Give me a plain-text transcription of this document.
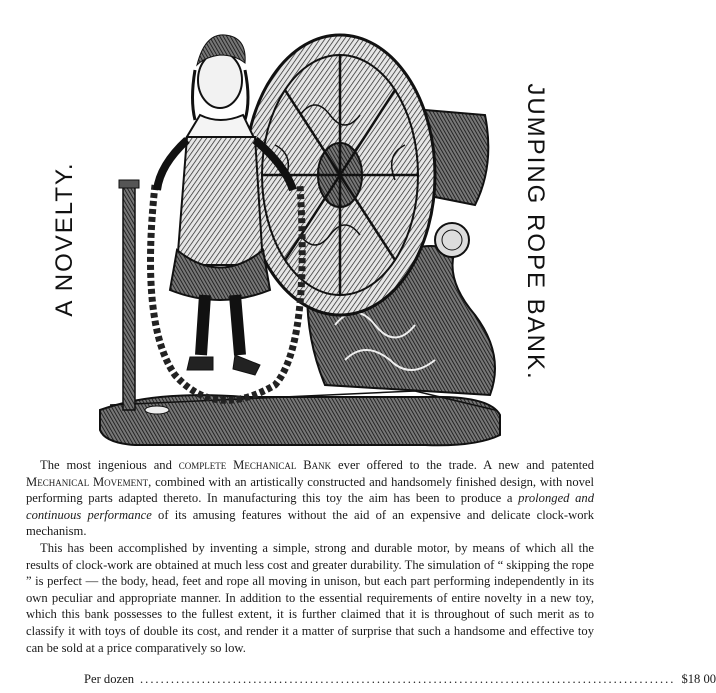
A NOVELTY.	JUMPING ROPE BANK.

The most ingenious and complete Mechanical Bank ever offered to the trade. A new and patented Mechanical Movement, combined with an artistically constructed and handsomely finished design, with novel performing parts adapted thereto. In manufacturing this toy the aim has been to produce a prolonged and continuous performance of its amusing features without the aid of an expensive and delicate clock-work mechanism.

This has been accomplished by inventing a simple, strong and durable motor, by means of which all the results of clock-work are obtained at much less cost and greater durability. The simulation of “ skipping the rope ” is perfect — the body, head, feet and rope all moving in unison, but each part performing independently in its own peculiar and appropriate manner. In addition to the essential requirements of entire novelty in a new toy, which this bank possesses to the fullest extent, it is further claimed that it is throughout of such merit as to classify it with toys of double its cost, and render it a matter of surprise that such a handsome and effective toy can be sold at a price comparatively so low.

Per dozen ........................................................................................................ $18 00
